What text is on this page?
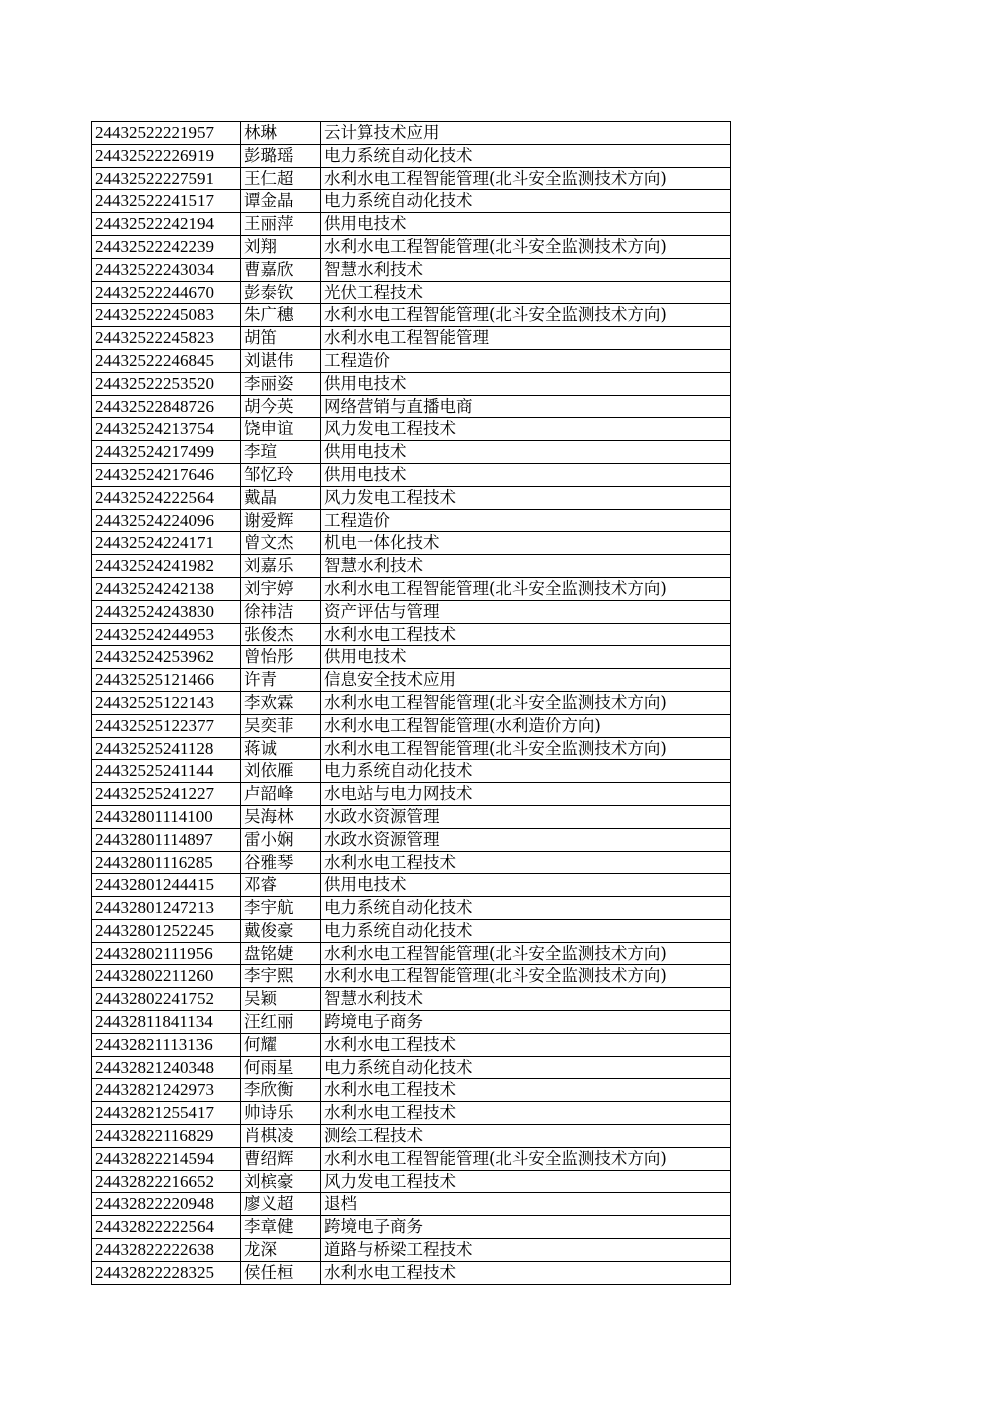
24432522221957	林琳	云计算技术应用
24432522226919	彭璐瑶	电力系统自动化技术
24432522227591	王仁超	水利水电工程智能管理(北斗安全监测技术方向)
24432522241517	谭金晶	电力系统自动化技术
24432522242194	王丽萍	供用电技术
24432522242239	刘翔	水利水电工程智能管理(北斗安全监测技术方向)
24432522243034	曹嘉欣	智慧水利技术
24432522244670	彭泰钦	光伏工程技术
24432522245083	朱广穗	水利水电工程智能管理(北斗安全监测技术方向)
24432522245823	胡笛	水利水电工程智能管理
24432522246845	刘谌伟	工程造价
24432522253520	李丽姿	供用电技术
24432522848726	胡今英	网络营销与直播电商
24432524213754	饶申谊	风力发电工程技术
24432524217499	李瑄	供用电技术
24432524217646	邹忆玲	供用电技术
24432524222564	戴晶	风力发电工程技术
24432524224096	谢爱辉	工程造价
24432524224171	曾文杰	机电一体化技术
24432524241982	刘嘉乐	智慧水利技术
24432524242138	刘宇婷	水利水电工程智能管理(北斗安全监测技术方向)
24432524243830	徐祎洁	资产评估与管理
24432524244953	张俊杰	水利水电工程技术
24432524253962	曾怡彤	供用电技术
24432525121466	许青	信息安全技术应用
24432525122143	李欢霖	水利水电工程智能管理(北斗安全监测技术方向)
24432525122377	吴奕菲	水利水电工程智能管理(水利造价方向)
24432525241128	蒋诚	水利水电工程智能管理(北斗安全监测技术方向)
24432525241144	刘依雁	电力系统自动化技术
24432525241227	卢韶峰	水电站与电力网技术
24432801114100	吴海林	水政水资源管理
24432801114897	雷小娴	水政水资源管理
24432801116285	谷雅琴	水利水电工程技术
24432801244415	邓睿	供用电技术
24432801247213	李宇航	电力系统自动化技术
24432801252245	戴俊豪	电力系统自动化技术
24432802111956	盘铭婕	水利水电工程智能管理(北斗安全监测技术方向)
24432802211260	李宇熙	水利水电工程智能管理(北斗安全监测技术方向)
24432802241752	吴颖	智慧水利技术
24432811841134	汪红丽	跨境电子商务
24432821113136	何耀	水利水电工程技术
24432821240348	何雨星	电力系统自动化技术
24432821242973	李欣衡	水利水电工程技术
24432821255417	帅诗乐	水利水电工程技术
24432822116829	肖棋凌	测绘工程技术
24432822214594	曹绍辉	水利水电工程智能管理(北斗安全监测技术方向)
24432822216652	刘槟豪	风力发电工程技术
24432822220948	廖义超	退档
24432822222564	李章健	跨境电子商务
24432822222638	龙深	道路与桥梁工程技术
24432822228325	侯任桓	水利水电工程技术
